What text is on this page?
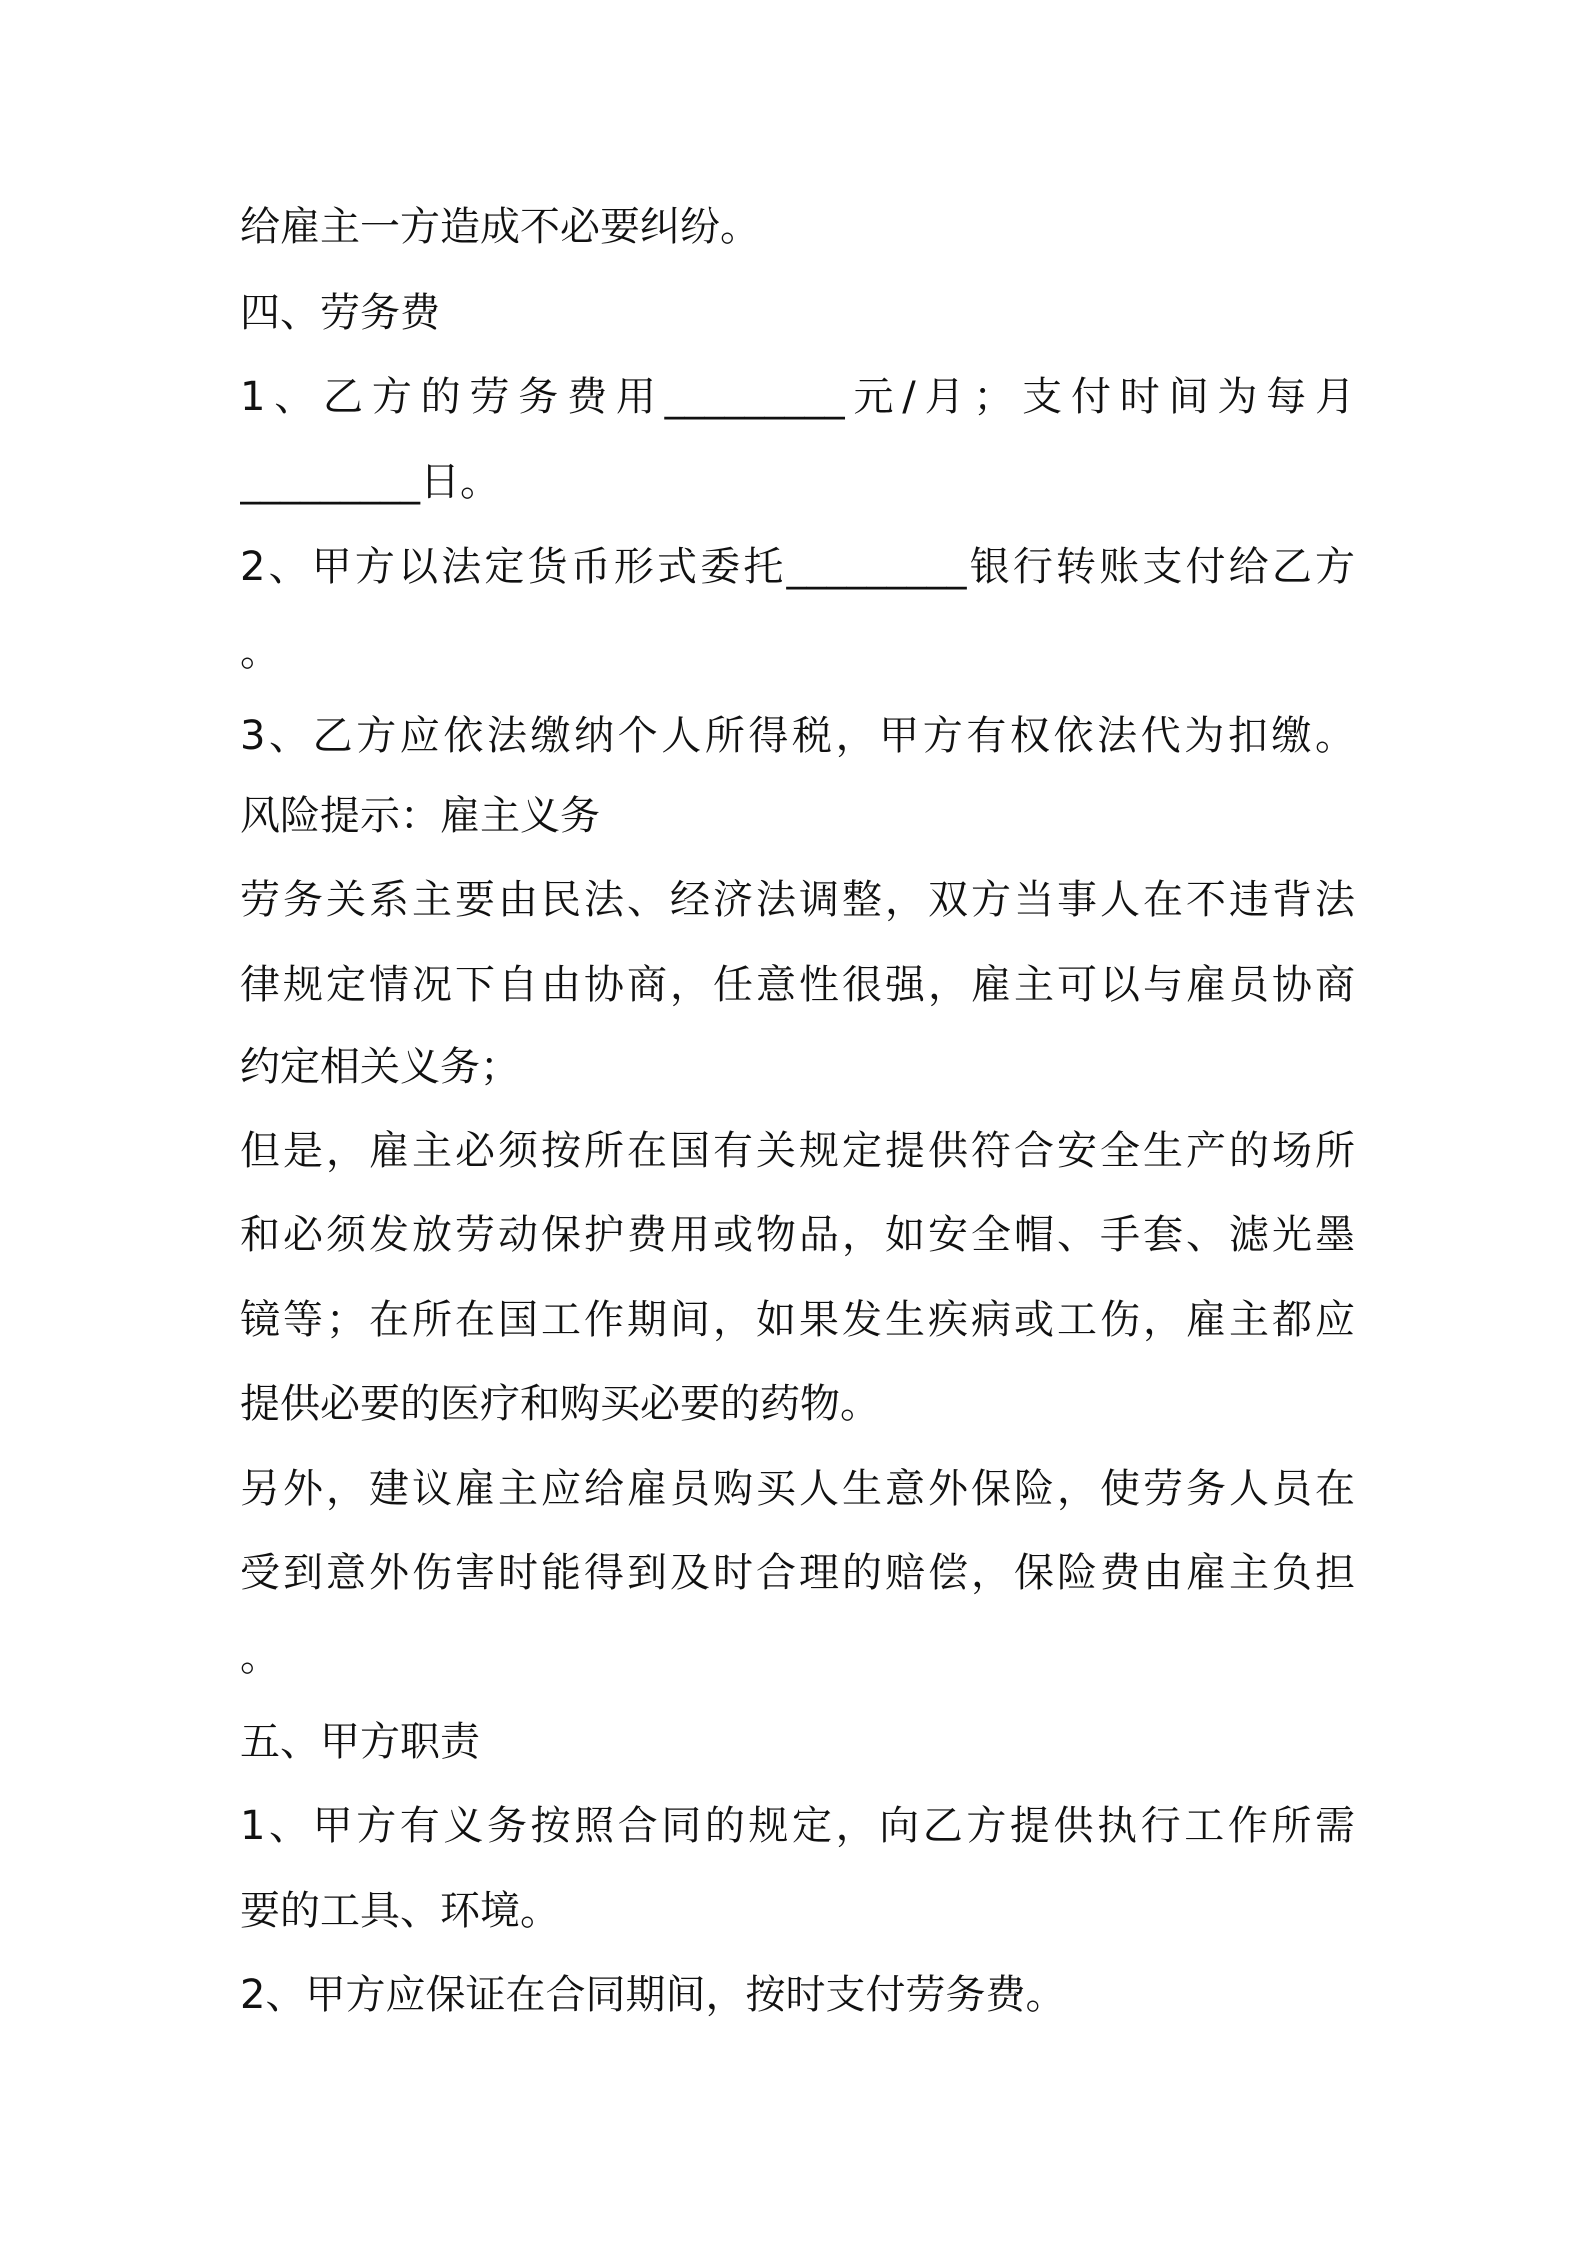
给雇主一方造成不必要纠纷。
四、劳务费
1、乙方的劳务费用_________元/月；支付时间为每月
_________日。
2、甲方以法定货币形式委托_________银行转账支付给乙方
。
3、乙方应依法缴纳个人所得税，甲方有权依法代为扣缴。
风险提示：雇主义务
劳务关系主要由民法、经济法调整，双方当事人在不违背法
律规定情况下自由协商，任意性很强，雇主可以与雇员协商
约定相关义务；
但是，雇主必须按所在国有关规定提供符合安全生产的场所
和必须发放劳动保护费用或物品，如安全帽、手套、滤光墨
镜等；在所在国工作期间，如果发生疾病或工伤，雇主都应
提供必要的医疗和购买必要的药物。
另外，建议雇主应给雇员购买人生意外保险，使劳务人员在
受到意外伤害时能得到及时合理的赔偿，保险费由雇主负担
。
五、甲方职责
1、甲方有义务按照合同的规定，向乙方提供执行工作所需
要的工具、环境。
2、甲方应保证在合同期间，按时支付劳务费。
